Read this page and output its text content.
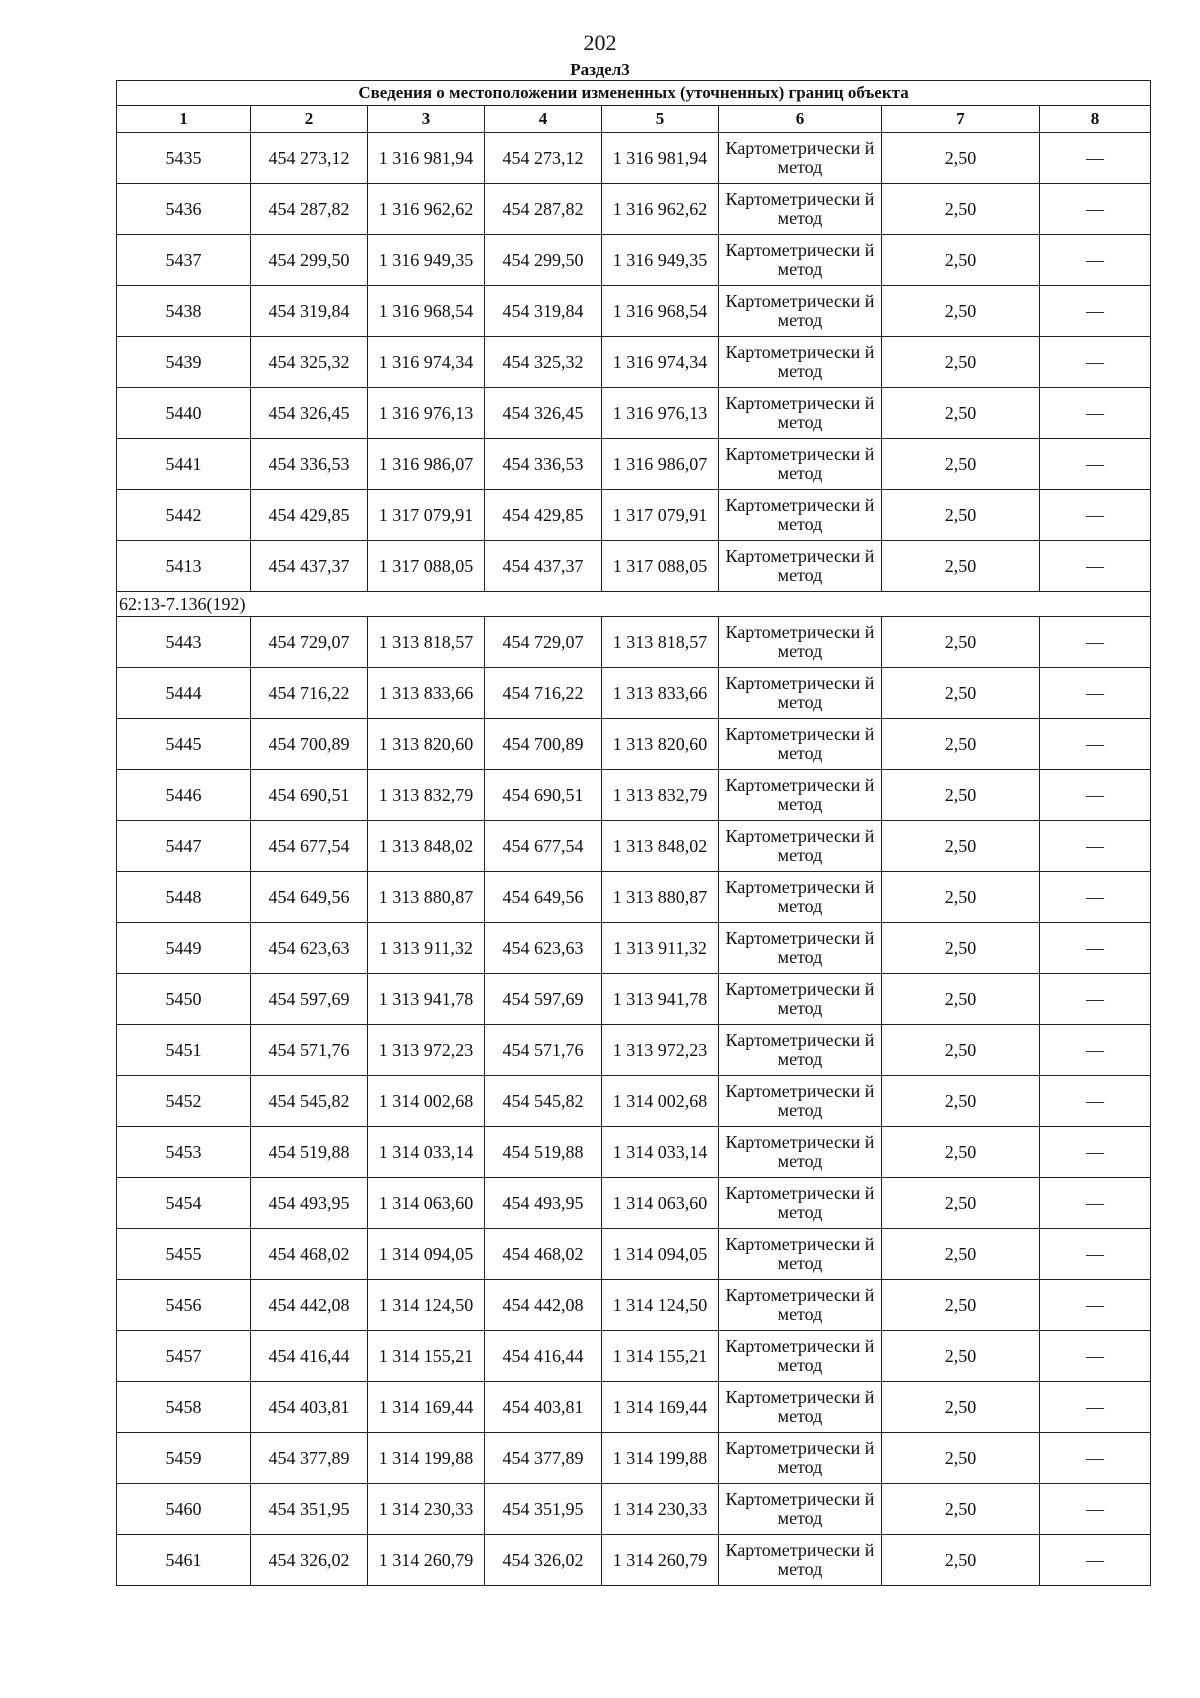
202
Раздел3
Сведения о местоположении измененных (уточненных) границ объекта							
1	2	3	4	5	6	7	8
5435	454 273,12	1 316 981,94	454 273,12	1 316 981,94	Картометрически й метод	2,50	—
5436	454 287,82	1 316 962,62	454 287,82	1 316 962,62	Картометрически й метод	2,50	—
5437	454 299,50	1 316 949,35	454 299,50	1 316 949,35	Картометрически й метод	2,50	—
5438	454 319,84	1 316 968,54	454 319,84	1 316 968,54	Картометрически й метод	2,50	—
5439	454 325,32	1 316 974,34	454 325,32	1 316 974,34	Картометрически й метод	2,50	—
5440	454 326,45	1 316 976,13	454 326,45	1 316 976,13	Картометрически й метод	2,50	—
5441	454 336,53	1 316 986,07	454 336,53	1 316 986,07	Картометрически й метод	2,50	—
5442	454 429,85	1 317 079,91	454 429,85	1 317 079,91	Картометрически й метод	2,50	—
5413	454 437,37	1 317 088,05	454 437,37	1 317 088,05	Картометрически й метод	2,50	—
62:13-7.136(192)							
5443	454 729,07	1 313 818,57	454 729,07	1 313 818,57	Картометрически й метод	2,50	—
5444	454 716,22	1 313 833,66	454 716,22	1 313 833,66	Картометрически й метод	2,50	—
5445	454 700,89	1 313 820,60	454 700,89	1 313 820,60	Картометрически й метод	2,50	—
5446	454 690,51	1 313 832,79	454 690,51	1 313 832,79	Картометрически й метод	2,50	—
5447	454 677,54	1 313 848,02	454 677,54	1 313 848,02	Картометрически й метод	2,50	—
5448	454 649,56	1 313 880,87	454 649,56	1 313 880,87	Картометрически й метод	2,50	—
5449	454 623,63	1 313 911,32	454 623,63	1 313 911,32	Картометрически й метод	2,50	—
5450	454 597,69	1 313 941,78	454 597,69	1 313 941,78	Картометрически й метод	2,50	—
5451	454 571,76	1 313 972,23	454 571,76	1 313 972,23	Картометрически й метод	2,50	—
5452	454 545,82	1 314 002,68	454 545,82	1 314 002,68	Картометрически й метод	2,50	—
5453	454 519,88	1 314 033,14	454 519,88	1 314 033,14	Картометрически й метод	2,50	—
5454	454 493,95	1 314 063,60	454 493,95	1 314 063,60	Картометрически й метод	2,50	—
5455	454 468,02	1 314 094,05	454 468,02	1 314 094,05	Картометрически й метод	2,50	—
5456	454 442,08	1 314 124,50	454 442,08	1 314 124,50	Картометрически й метод	2,50	—
5457	454 416,44	1 314 155,21	454 416,44	1 314 155,21	Картометрически й метод	2,50	—
5458	454 403,81	1 314 169,44	454 403,81	1 314 169,44	Картометрически й метод	2,50	—
5459	454 377,89	1 314 199,88	454 377,89	1 314 199,88	Картометрически й метод	2,50	—
5460	454 351,95	1 314 230,33	454 351,95	1 314 230,33	Картометрически й метод	2,50	—
5461	454 326,02	1 314 260,79	454 326,02	1 314 260,79	Картометрически й метод	2,50	—
